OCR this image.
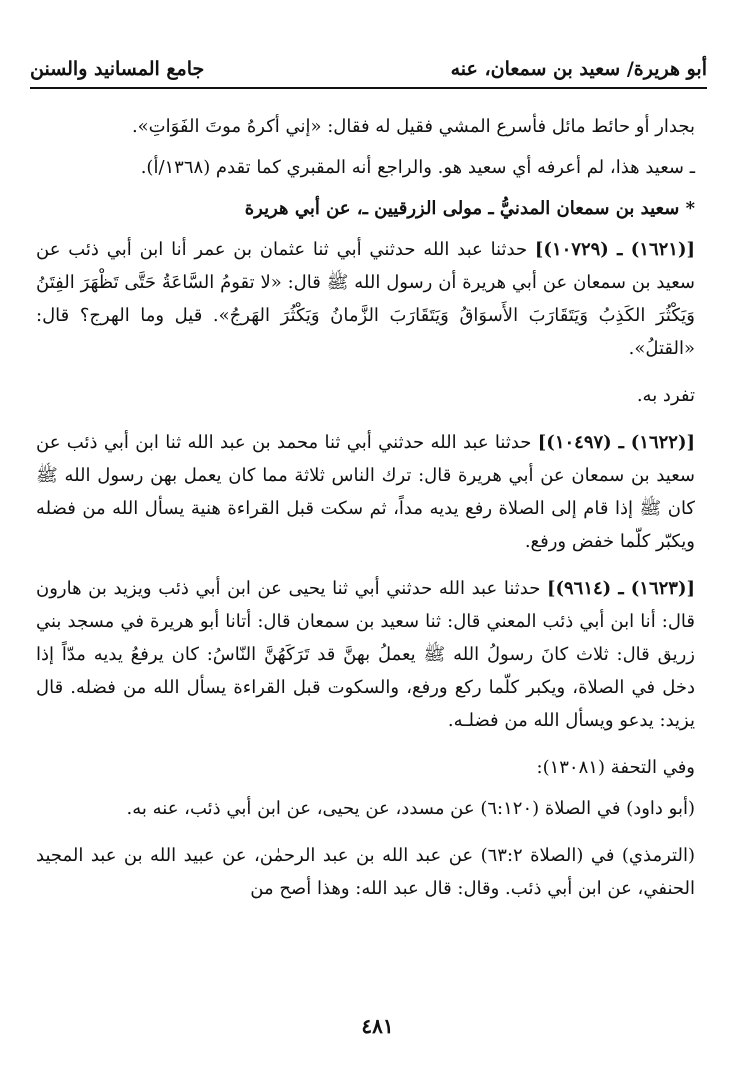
أبو هريرة/ سعيد بن سمعان، عنه
جامع المسانيد والسنن

بجدار أو حائط مائل فأسرع المشي فقيل له فقال: «إني أكرهُ موتَ الفَوَاتِ».

ـ سعيد هذا، لم أعرفه أي سعيد هو. والراجع أنه المقبري كما تقدم (١٣٦٨/أ).

* سعيد بن سمعان المدنيُّ ـ مولى الزرقيين ـ، عن أبي هريرة

[(١٦٢١) ـ (١٠٧٢٩)] حدثنا عبد الله حدثني أبي ثنا عثمان بن عمر أنا ابن أبي ذئب عن سعيد بن سمعان عن أبي هريرة أن رسول الله ﷺ قال: «لا تقومُ السَّاعَةُ حَتَّى تَظْهَرَ الفِتَنُ وَيَكْثُرَ الكَذِبُ وَيَتَقَارَبَ الأَسوَاقُ وَيَتَقَارَبَ الزَّمانُ وَيَكْثُرَ الهَرجُ». قيل وما الهرج؟ قال: «القتلُ».

تفرد به.

[(١٦٢٢) ـ (١٠٤٩٧)] حدثنا عبد الله حدثني أبي ثنا محمد بن عبد الله ثنا ابن أبي ذئب عن سعيد بن سمعان عن أبي هريرة قال: ترك الناس ثلاثة مما كان يعمل بهن رسول الله ﷺ كان ﷺ إذا قام إلى الصلاة رفع يديه مداً، ثم سكت قبل القراءة هنية يسأل الله من فضله ويكبّر كلّما خفض ورفع.

[(١٦٢٣) ـ (٩٦١٤)] حدثنا عبد الله حدثني أبي ثنا يحيى عن ابن أبي ذئب ويزيد بن هارون قال: أنا ابن أبي ذئب المعني قال: ثنا سعيد بن سمعان قال: أتانا أبو هريرة في مسجد بني زريق قال: ثلاث كانَ رسولُ الله ﷺ يعملُ بهنَّ قد تَرَكَهُنَّ النّاسُ: كان يرفعُ يديه مدّاً إذا دخل في الصلاة، ويكبر كلّما ركع ورفع، والسكوت قبل القراءة يسأل الله من فضله. قال يزيد: يدعو ويسأل الله من فضلـه.

وفي التحفة (١٣٠٨١):

(أبو داود) في الصلاة (٦:١٢٠) عن مسدد، عن يحيى، عن ابن أبي ذئب، عنه به.

(الترمذي) في (الصلاة ٦٣:٢) عن عبد الله بن عبد الرحمٰن، عن عبيد الله بن عبد المجيد الحنفي، عن ابن أبي ذئب. وقال: قال عبد الله: وهذا أصح من

٤٨١
